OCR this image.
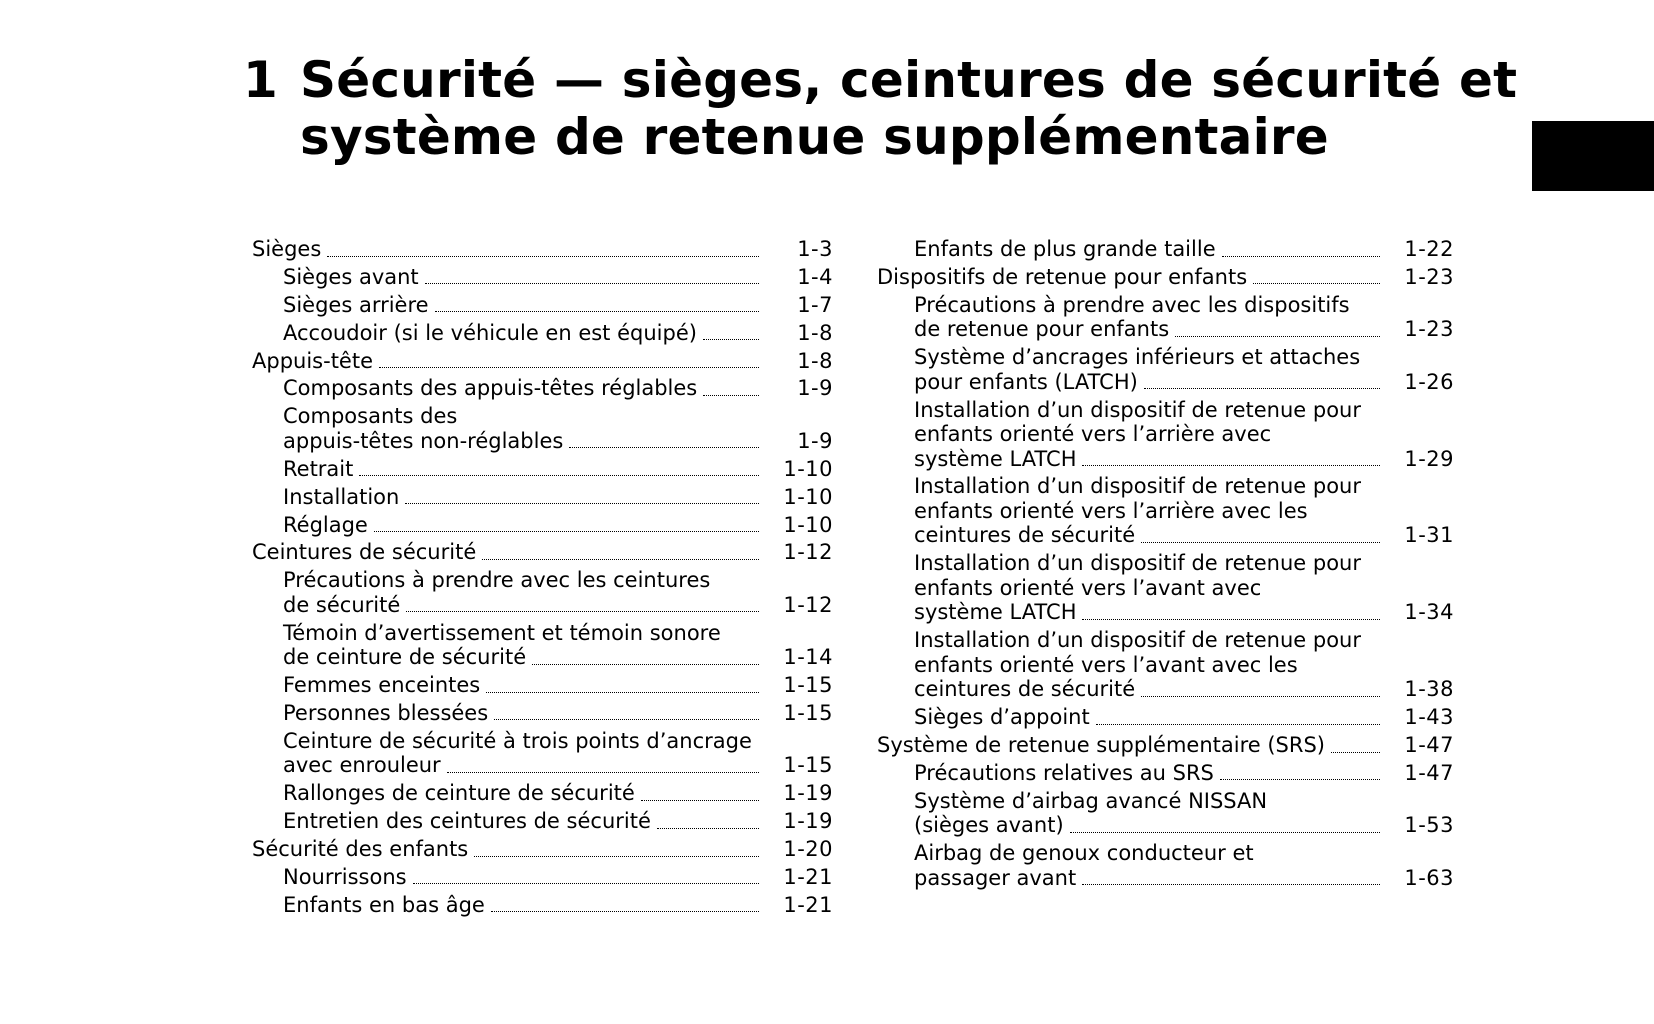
1 Sécurité — sièges, ceintures de sécurité et
système de retenue supplémentaire
Sièges	1-3
Sièges avant	1-4
Sièges arrière	1-7
Accoudoir (si le véhicule en est équipé)	1-8
Appuis-tête	1-8
Composants des appuis-têtes réglables	1-9
Composants des
appuis-têtes non-réglables	1-9
Retrait	1-10
Installation	1-10
Réglage	1-10
Ceintures de sécurité	1-12
Précautions à prendre avec les ceintures
de sécurité	1-12
Témoin d’avertissement et témoin sonore
de ceinture de sécurité	1-14
Femmes enceintes	1-15
Personnes blessées	1-15
Ceinture de sécurité à trois points d’ancrage
avec enrouleur	1-15
Rallonges de ceinture de sécurité	1-19
Entretien des ceintures de sécurité	1-19
Sécurité des enfants	1-20
Nourrissons	1-21
Enfants en bas âge	1-21
Enfants de plus grande taille	1-22
Dispositifs de retenue pour enfants	1-23
Précautions à prendre avec les dispositifs
de retenue pour enfants	1-23
Système d’ancrages inférieurs et attaches
pour enfants (LATCH)	1-26
Installation d’un dispositif de retenue pour
enfants orienté vers l’arrière avec
système LATCH	1-29
Installation d’un dispositif de retenue pour
enfants orienté vers l’arrière avec les
ceintures de sécurité	1-31
Installation d’un dispositif de retenue pour
enfants orienté vers l’avant avec
système LATCH	1-34
Installation d’un dispositif de retenue pour
enfants orienté vers l’avant avec les
ceintures de sécurité	1-38
Sièges d’appoint	1-43
Système de retenue supplémentaire (SRS)	1-47
Précautions relatives au SRS	1-47
Système d’airbag avancé NISSAN
(sièges avant)	1-53
Airbag de genoux conducteur et
passager avant	1-63
